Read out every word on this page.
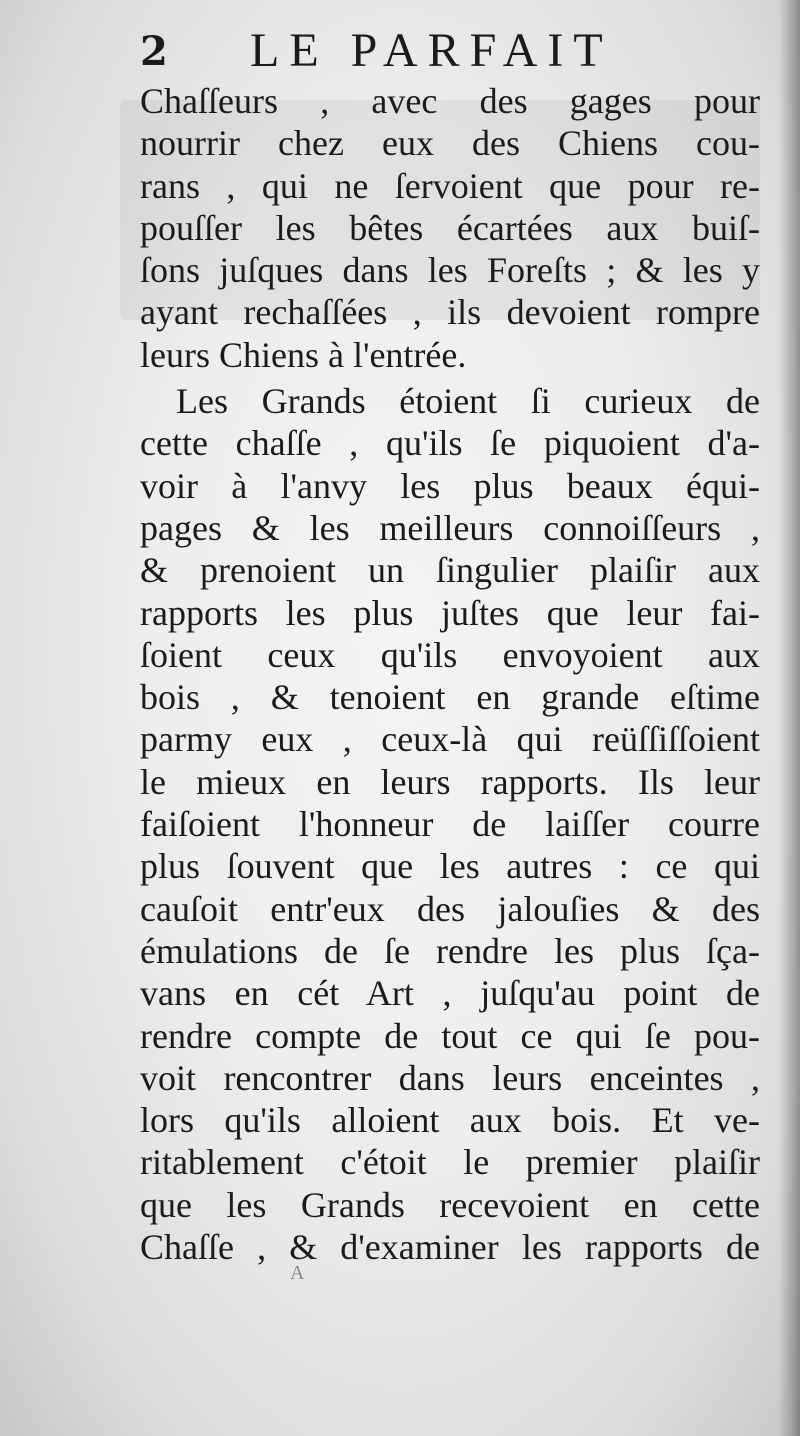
2 LE PARFAIT
Chaſſeurs , avec des gages pour
nourrir chez eux des Chiens cou-
rans , qui ne ſervoient que pour re-
pouſſer les bêtes écartées aux buiſ-
ſons juſques dans les Foreſts ; & les y
ayant rechaſſées , ils devoient rompre
leurs Chiens à l'entrée.
Les Grands étoient ſi curieux de
cette chaſſe , qu'ils ſe piquoient d'a-
voir à l'anvy les plus beaux équi-
pages & les meilleurs connoiſſeurs ,
& prenoient un ſingulier plaiſir aux
rapports les plus juſtes que leur fai-
ſoient ceux qu'ils envoyoient aux
bois , & tenoient en grande eſtime
parmy eux , ceux-là qui reüſſiſſoient
le mieux en leurs rapports. Ils leur
faiſoient l'honneur de laiſſer courre
plus ſouvent que les autres : ce qui
cauſoit entr'eux des jalouſies & des
émulations de ſe rendre les plus ſça-
vans en cét Art , juſqu'au point de
rendre compte de tout ce qui ſe pou-
voit rencontrer dans leurs enceintes ,
lors qu'ils alloient aux bois. Et ve-
ritablement c'étoit le premier plaiſir
que les Grands recevoient en cette
Chaſſe , & d'examiner les rapports de
A
